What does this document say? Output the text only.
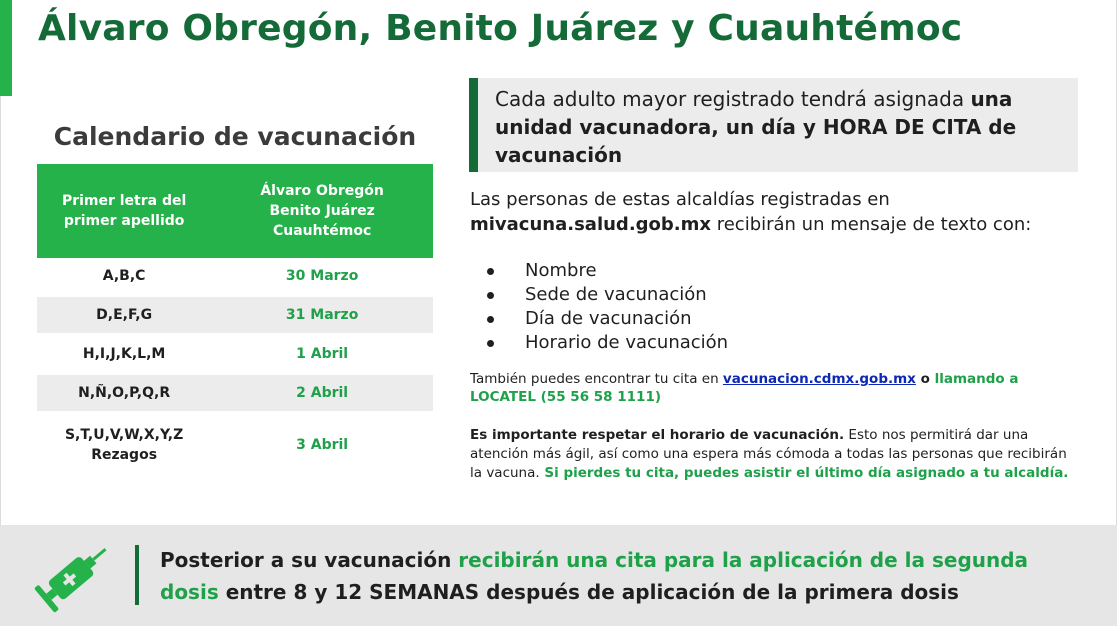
Álvaro Obregón, Benito Juárez y Cuauhtémoc
Calendario de vacunación
Primer letra del
primer apellido	Álvaro Obregón
Benito Juárez
Cuauhtémoc
A,B,C	30 Marzo

D,E,F,G	31 Marzo

H,I,J,K,L,M	1 Abril

N,Ñ,O,P,Q,R	2 Abril

S,T,U,V,W,X,Y,Z
Rezagos	3 Abril
Cada adulto mayor registrado tendrá asignada una unidad vacunadora, un día y HORA DE CITA de vacunación
Las personas de estas alcaldías registradas en
mivacuna.salud.gob.mx recibirán un mensaje de texto con:
Nombre
Sede de vacunación
Día de vacunación
Horario de vacunación
También puedes encontrar tu cita en vacunacion.cdmx.gob.mx o llamando a LOCATEL (55 56 58 1111)
Es importante respetar el horario de vacunación. Esto nos permitirá dar una atención más ágil, así como una espera más cómoda a todas las personas que recibirán la vacuna. Si pierdes tu cita, puedes asistir el último día asignado a tu alcaldía.
Posterior a su vacunación recibirán una cita para la aplicación de la segunda dosis entre 8 y 12 SEMANAS después de aplicación de la primera dosis
